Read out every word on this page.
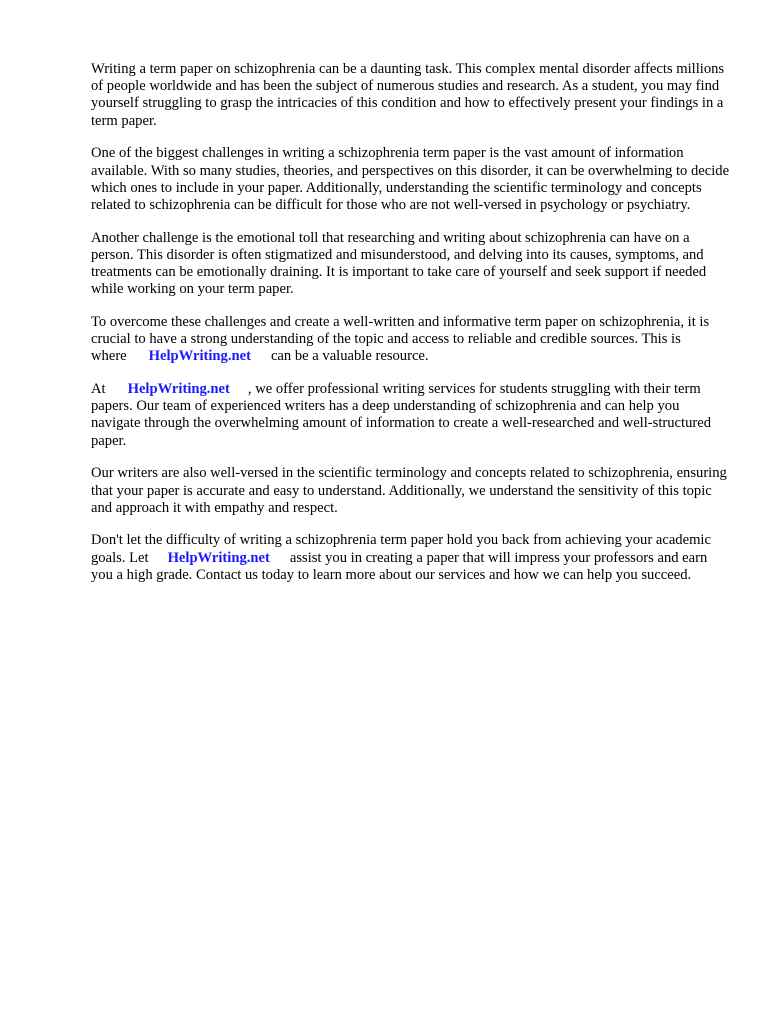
Writing a term paper on schizophrenia can be a daunting task. This complex mental disorder affects millions of people worldwide and has been the subject of numerous studies and research. As a student, you may find yourself struggling to grasp the intricacies of this condition and how to effectively present your findings in a term paper.

One of the biggest challenges in writing a schizophrenia term paper is the vast amount of information available. With so many studies, theories, and perspectives on this disorder, it can be overwhelming to decide which ones to include in your paper. Additionally, understanding the scientific terminology and concepts related to schizophrenia can be difficult for those who are not well-versed in psychology or psychiatry.

Another challenge is the emotional toll that researching and writing about schizophrenia can have on a person. This disorder is often stigmatized and misunderstood, and delving into its causes, symptoms, and treatments can be emotionally draining. It is important to take care of yourself and seek support if needed while working on your term paper.

To overcome these challenges and create a well-written and informative term paper on schizophrenia, it is crucial to have a strong understanding of the topic and access to reliable and credible sources. This is where HelpWriting.net can be a valuable resource.

At HelpWriting.net , we offer professional writing services for students struggling with their term papers. Our team of experienced writers has a deep understanding of schizophrenia and can help you navigate through the overwhelming amount of information to create a well-researched and well-structured paper.

Our writers are also well-versed in the scientific terminology and concepts related to schizophrenia, ensuring that your paper is accurate and easy to understand. Additionally, we understand the sensitivity of this topic and approach it with empathy and respect.

Don't let the difficulty of writing a schizophrenia term paper hold you back from achieving your academic goals. Let HelpWriting.net assist you in creating a paper that will impress your professors and earn you a high grade. Contact us today to learn more about our services and how we can help you succeed.
